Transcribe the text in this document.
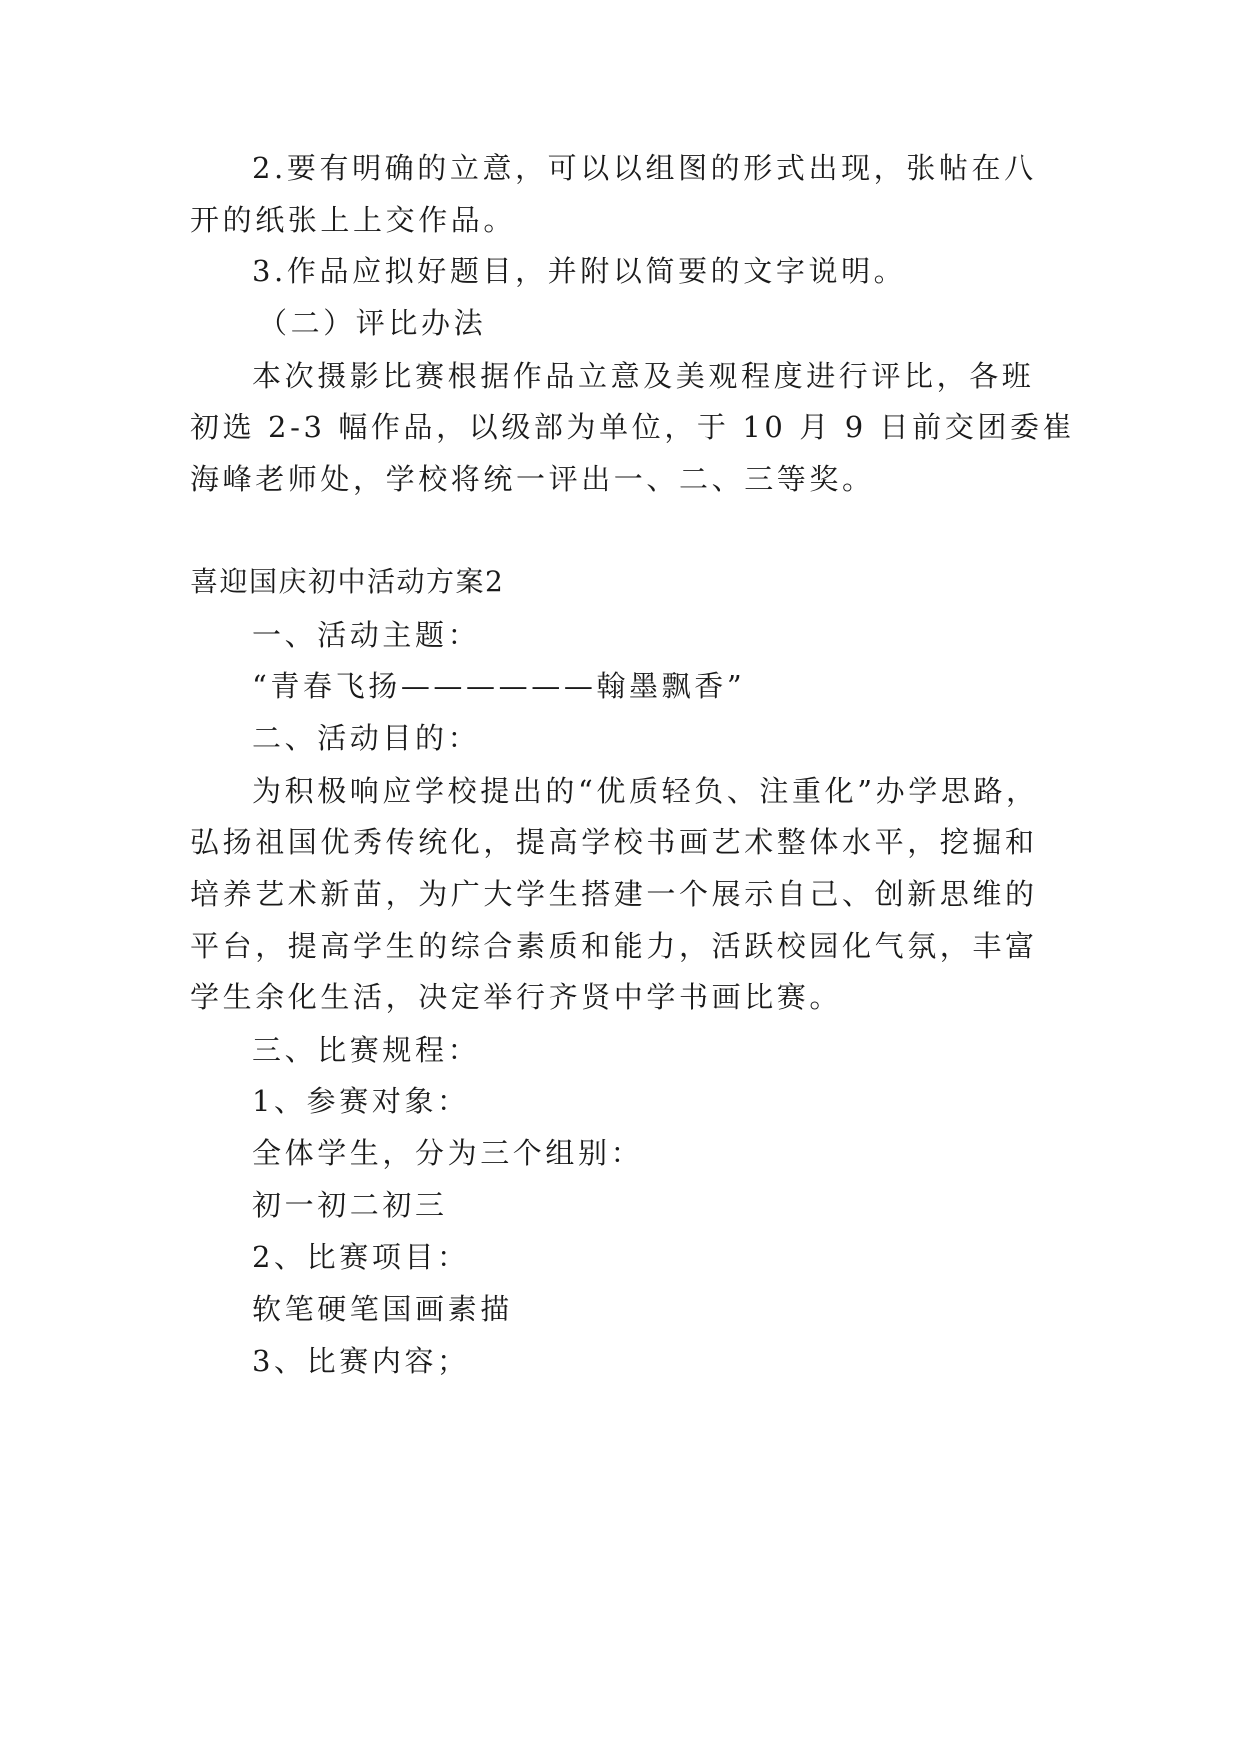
2.要有明确的立意，可以以组图的形式出现，张帖在八

开的纸张上上交作品。

3.作品应拟好题目，并附以简要的文字说明。

（二）评比办法

本次摄影比赛根据作品立意及美观程度进行评比，各班

初选 2-3 幅作品，以级部为单位，于 10 月 9 日前交团委崔

海峰老师处，学校将统一评出一、二、三等奖。

喜迎国庆初中活动方案2

一、活动主题：

“青春飞扬——————翰墨飘香”

二、活动目的：

为积极响应学校提出的“优质轻负、注重化”办学思路，

弘扬祖国优秀传统化，提高学校书画艺术整体水平，挖掘和

培养艺术新苗，为广大学生搭建一个展示自己、创新思维的

平台，提高学生的综合素质和能力，活跃校园化气氛，丰富

学生余化生活，决定举行齐贤中学书画比赛。

三、比赛规程：

1、参赛对象：

全体学生，分为三个组别：

初一初二初三

2、比赛项目：

软笔硬笔国画素描

3、比赛内容；
